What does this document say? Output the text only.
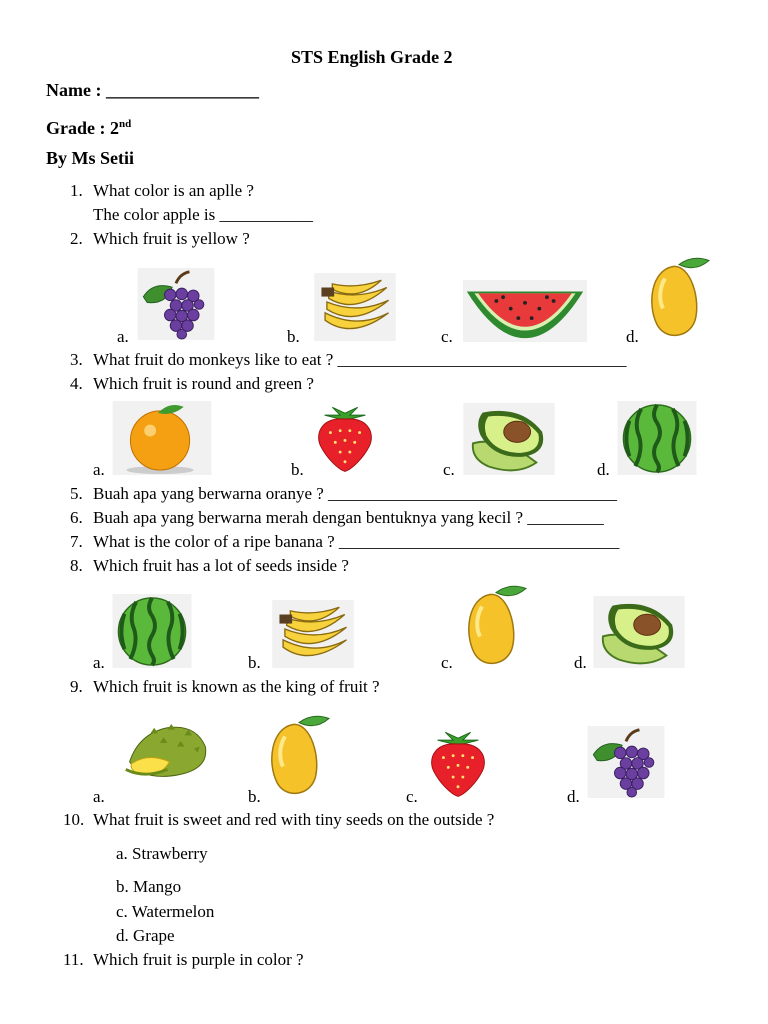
STS English Grade 2
Name : _________________
Grade : 2nd
By Ms Setii
1. What color is an aplle ?
The color apple is ___________
2. Which fruit is yellow ?
a.	b.	c.	d.
3. What fruit do monkeys like to eat ? __________________________________
4. Which fruit is round and green ?
a.	b.	c.	d.
5. Buah apa yang berwarna oranye ? __________________________________
6. Buah apa yang berwarna merah dengan bentuknya yang kecil ? _________
7. What is the color of a ripe banana ? _________________________________
8. Which fruit has a lot of seeds inside ?
a.	b.	c.	d.
9. Which fruit is known as the king of fruit ?
a.	b.	c.	d.
10. What fruit is sweet and red with tiny seeds on the outside ?
a. Strawberry
b. Mango
c. Watermelon
d. Grape
11. Which fruit is purple in color ?
